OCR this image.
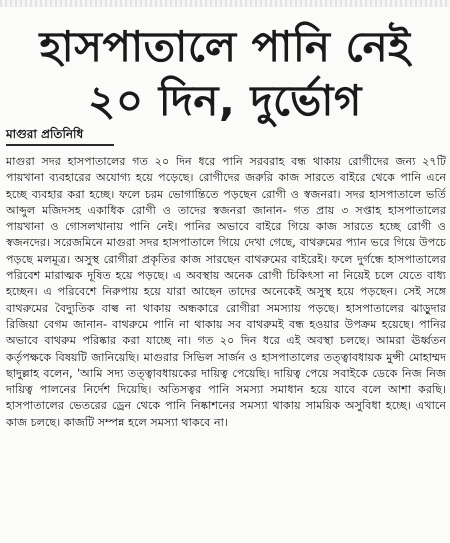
হাসপাতালে পানি নেই
২০ দিন, দুর্ভোগ

মাগুরা প্রতিনিধি

মাগুরা সদর হাসপাতালের গত ২০ দিন ধরে পানি সরবরাহ বন্ধ থাকায় রোগীদের জন্য ২৭টি পায়খানা ব্যবহারের অযোগ্য হয়ে পড়েছে। রোগীদের জরুরি কাজ সারতে বাইরে থেকে পানি এনে হচ্ছে ব্যবহার করা হচ্ছে। ফলে চরম ভোগান্তিতে পড়ছেন রোগী ও স্বজনরা। সদর হাসপাতালে ভর্তি আব্দুল মজিদসহ একাধিক রোগী ও তাদের স্বজনরা জানান- গত প্রায় ৩ সপ্তাহ হাসপাতালের পায়খানা ও গোসলখানায় পানি নেই। পানির অভাবে বাইরে গিয়ে কাজ সারতে হচ্ছে রোগী ও স্বজনদের। সরেজমিনে মাগুরা সদর হাসপাতালে গিয়ে দেখা গেছে, বাথরুমের প্যান ভরে গিয়ে উপচে পড়ছে মলমূত্র। অসুস্থ রোগীরা প্রকৃতির কাজ সারছেন বাথরুমের বাইরেই। ফলে দুর্গন্ধে হাসপাতালের পরিবেশ মারাত্মক দূষিত হয়ে পড়ছে। এ অবস্থায় অনেক রোগী চিকিৎসা না নিয়েই চলে যেতে বাধ্য হচ্ছেন। এ পরিবেশে নিরুপায় হয়ে যারা আছেন তাদের অনেকেই অসুস্থ হয়ে পড়ছেন। সেই সঙ্গে বাথরুমের বৈদ্যুতিক বাল্ব না থাকায় অন্ধকারে রোগীরা সমস্যায় পড়ছে। হাসপাতালের ঝাড়ুদার রিজিয়া বেগম জানান- বাথরুমে পানি না থাকায় সব বাথরুমই বন্ধ হওয়ার উপক্রম হয়েছে। পানির অভাবে বাথরুম পরিষ্কার করা যাচ্ছে না। গত ২০ দিন ধরে এই অবস্থা চলছে। আমরা ঊর্ধ্বতন কর্তৃপক্ষকে বিষয়টি জানিয়েছি। মাগুরার সিভিল সার্জন ও হাসপাতালের তত্ত্বাবধায়ক মুন্সী মোহাম্মদ ছাদুল্লাহ বলেন, 'আমি সদ্য তত্ত্বাবধায়কের দায়িত্ব পেয়েছি। দায়িত্ব পেয়ে সবাইকে ডেকে নিজ নিজ দায়িত্ব পালনের নির্দেশ দিয়েছি। অতিসত্বর পানি সমস্যা সমাধান হয়ে যাবে বলে আশা করছি। হাসপাতালের ভেতরের ড্রেন থেকে পানি নিষ্কাশনের সমস্যা থাকায় সাময়িক অসুবিধা হচ্ছে। এখানে কাজ চলছে। কাজটি সম্পন্ন হলে সমস্যা থাকবে না।
